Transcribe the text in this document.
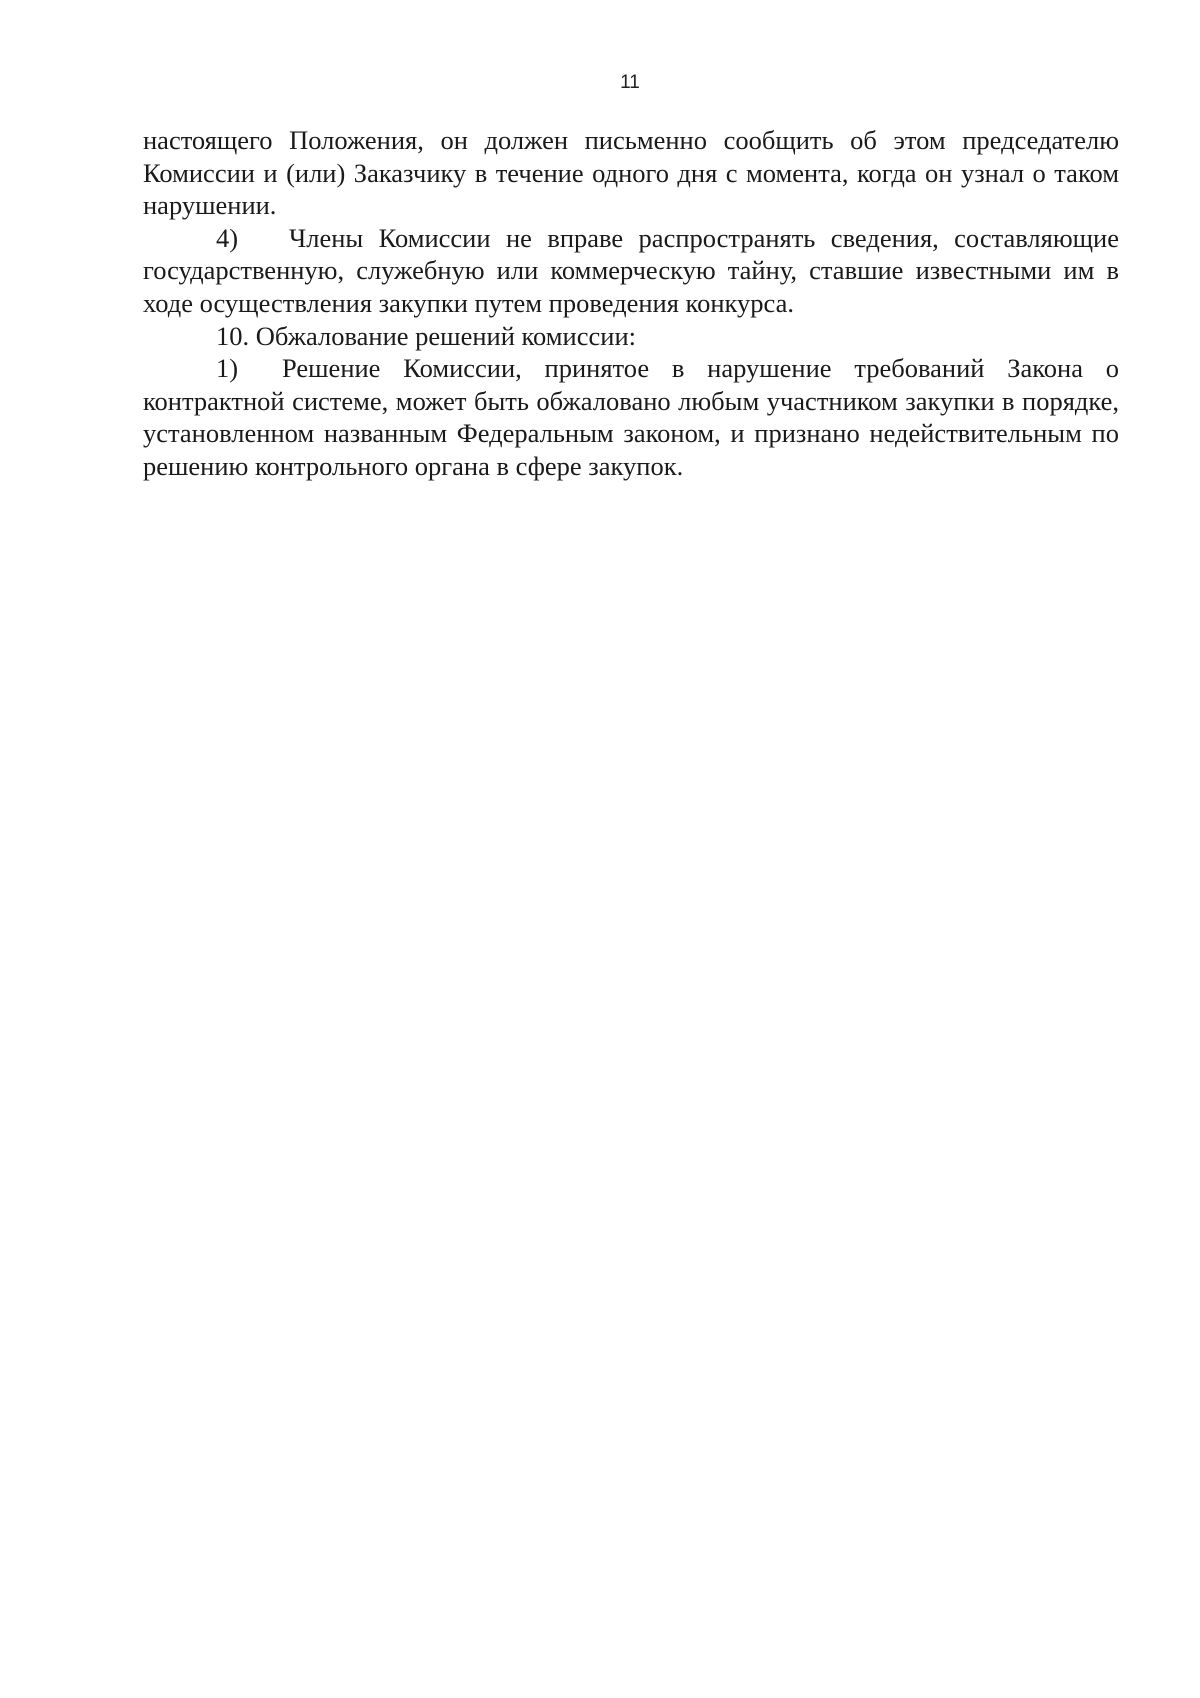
11

настоящего Положения, он должен письменно сообщить об этом председателю Комиссии и (или) Заказчику в течение одного дня с момента, когда он узнал о таком нарушении.

4) Члены Комиссии не вправе распространять сведения, составляющие государственную, служебную или коммерческую тайну, ставшие известными им в ходе осуществления закупки путем проведения конкурса.

10. Обжалование решений комиссии:

1) Решение Комиссии, принятое в нарушение требований Закона о контрактной системе, может быть обжаловано любым участником закупки в порядке, установленном названным Федеральным законом, и признано недействительным по решению контрольного органа в сфере закупок.
